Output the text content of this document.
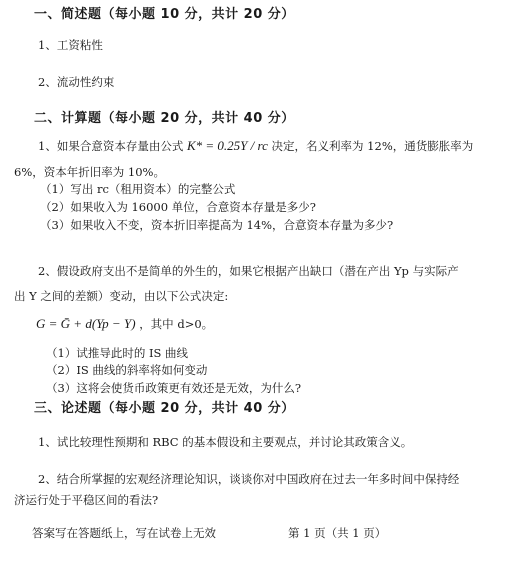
一、简述题（每小题 10 分，共计 20 分）
1、工资粘性
2、流动性约束
二、计算题（每小题 20 分，共计 40 分）
1、如果合意资本存量由公式 K* = 0.25Y / rc 决定，名义利率为 12%，通货膨胀率为
6%，资本年折旧率为 10%。
（1）写出 rc（租用资本）的完整公式
（2）如果收入为 16000 单位，合意资本存量是多少?
（3）如果收入不变，资本折旧率提高为 14%，合意资本存量为多少?
2、假设政府支出不是简单的外生的，如果它根据产出缺口（潜在产出 Yp 与实际产
出 Y 之间的差额）变动，由以下公式决定:
G = Ḡ + d(Yp − Y) ，其中 d>0。
（1）试推导此时的 IS 曲线
（2）IS 曲线的斜率将如何变动
（3）这将会使货币政策更有效还是无效，为什么?
三、论述题（每小题 20 分，共计 40 分）
1、试比较理性预期和 RBC 的基本假设和主要观点，并讨论其政策含义。
2、结合所掌握的宏观经济理论知识，谈谈你对中国政府在过去一年多时间中保持经
济运行处于平稳区间的看法?
答案写在答题纸上，写在试卷上无效	第 1 页（共 1 页）
